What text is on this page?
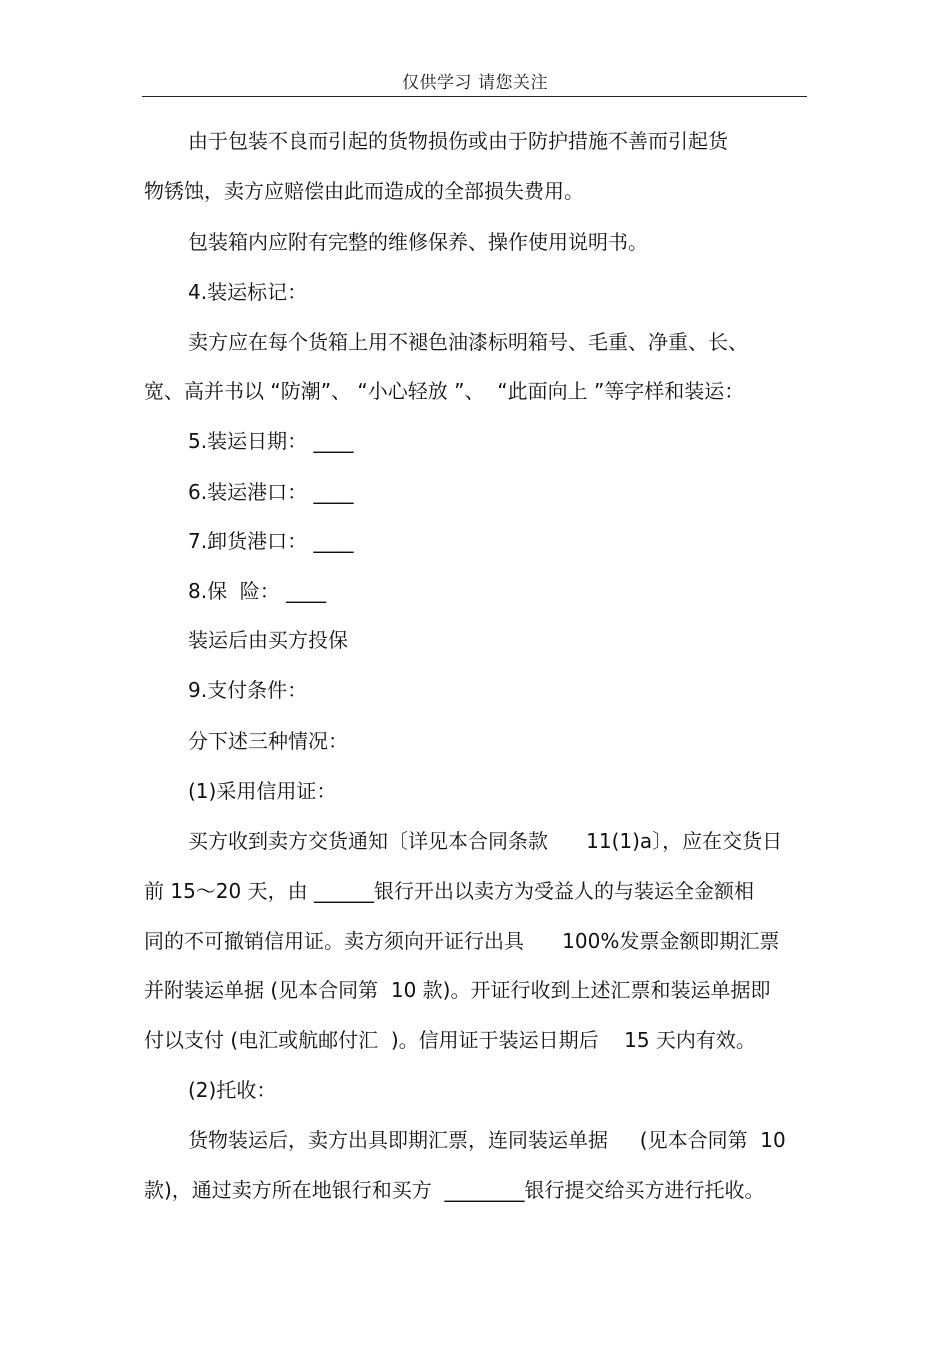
仅供学习 请您关注
由于包装不良而引起的货物损伤或由于防护措施不善而引起货
物锈蚀，卖方应赔偿由此而造成的全部损失费用。
包装箱内应附有完整的维修保养、操作使用说明书。
4.装运标记：
卖方应在每个货箱上用不褪色油漆标明箱号、毛重、净重、长、
宽、高并书以 “防潮”、 “小心轻放 ”、  “此面向上 ”等字样和装运：
5.装运日期： ____
6.装运港口： ____
7.卸货港口： ____
8.保  险： ____
装运后由买方投保
9.支付条件：
分下述三种情况：
(1)采用信用证：
买方收到卖方交货通知〔详见本合同条款      11(1)a〕，应在交货日
前 15～20 天，由 ______银行开出以卖方为受益人的与装运全金额相
同的不可撤销信用证。卖方须向开证行出具      100%发票金额即期汇票
并附装运单据 (见本合同第  10 款)。开证行收到上述汇票和装运单据即
付以支付 (电汇或航邮付汇  )。信用证于装运日期后    15 天内有效。
(2)托收：
货物装运后，卖方出具即期汇票，连同装运单据     (见本合同第  10
款)，通过卖方所在地银行和买方  ________银行提交给买方进行托收。
